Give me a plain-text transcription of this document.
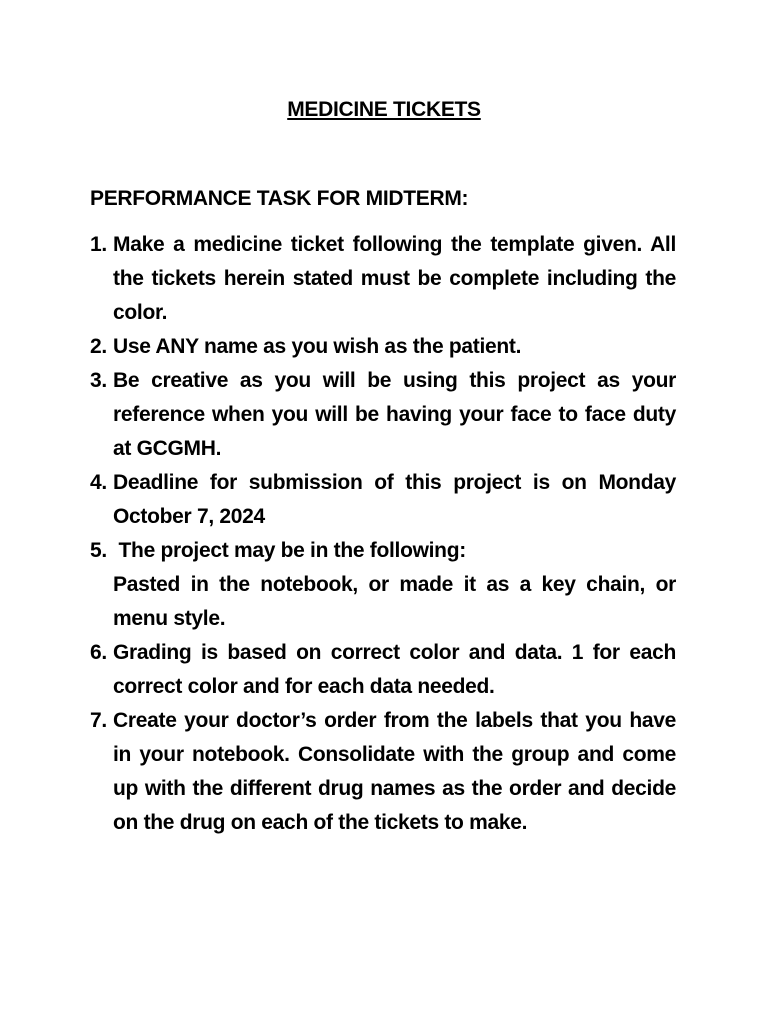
MEDICINE TICKETS
PERFORMANCE TASK FOR MIDTERM:
1. Make a medicine ticket following the template given. All the tickets herein stated must be complete including the color.
2. Use ANY name as you wish as the patient.
3. Be creative as you will be using this project as your reference when you will be having your face to face duty at GCGMH.
4. Deadline for submission of this project is on Monday October 7, 2024
5. The project may be in the following:
Pasted in the notebook, or made it as a key chain, or menu style.
6. Grading is based on correct color and data. 1 for each correct color and for each data needed.
7. Create your doctor’s order from the labels that you have in your notebook. Consolidate with the group and come up with the different drug names as the order and decide on the drug on each of the tickets to make.
